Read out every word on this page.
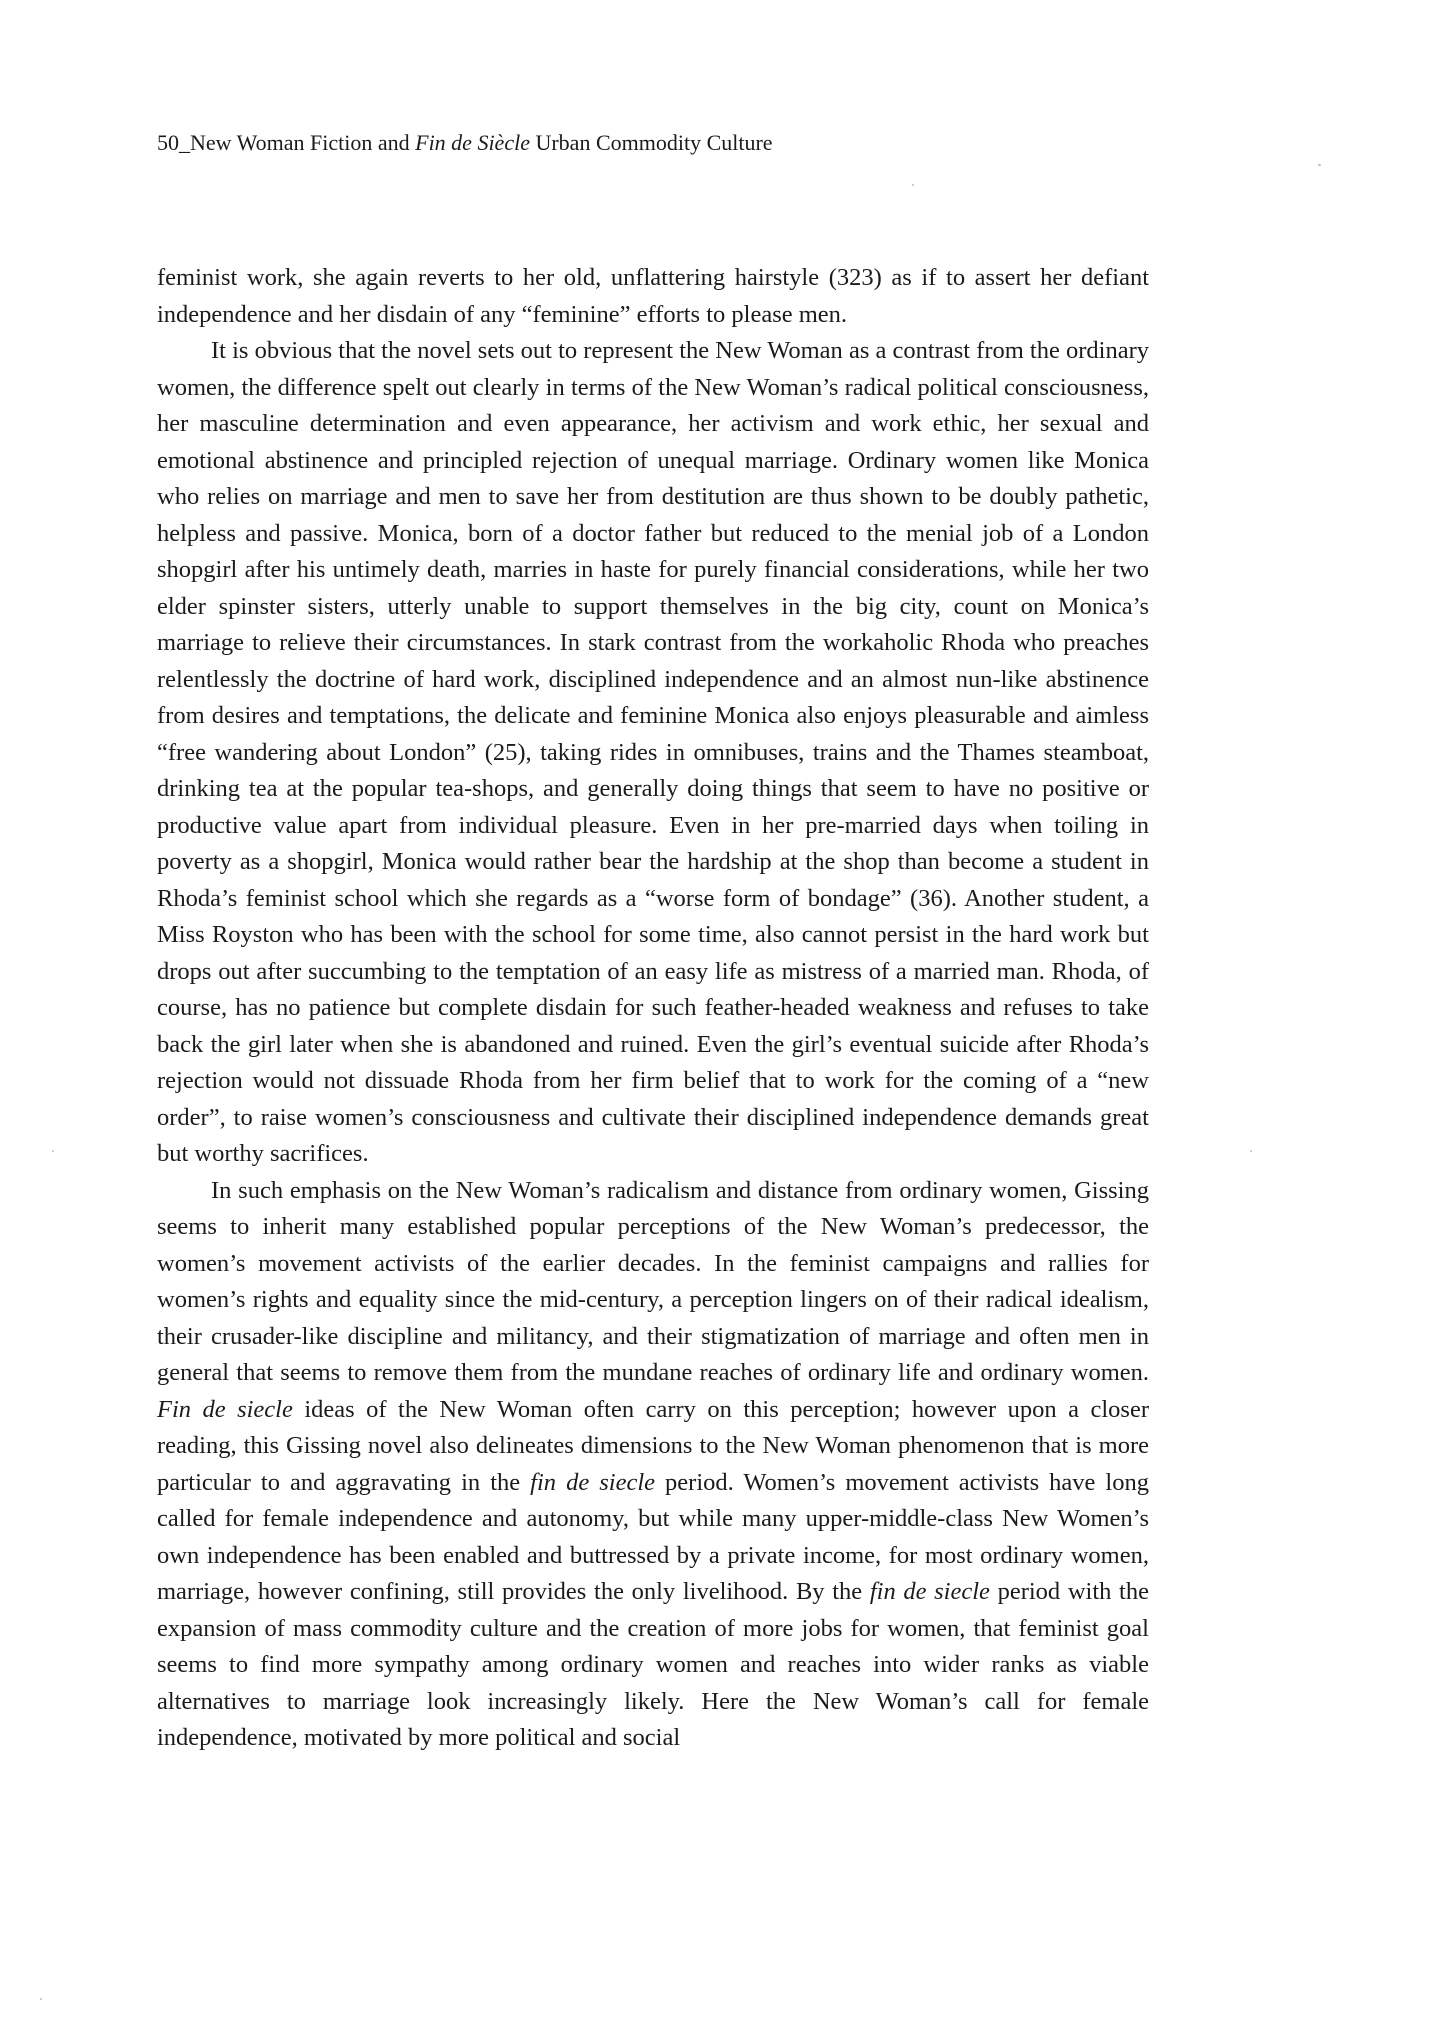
50_New Woman Fiction and Fin de Siècle Urban Commodity Culture

feminist work, she again reverts to her old, unflattering hairstyle (323) as if to assert her defiant independence and her disdain of any “feminine” efforts to please men.

It is obvious that the novel sets out to represent the New Woman as a contrast from the ordinary women, the difference spelt out clearly in terms of the New Woman’s radical political consciousness, her masculine determination and even appearance, her activism and work ethic, her sexual and emotional abstinence and principled rejection of unequal marriage. Ordinary women like Monica who relies on marriage and men to save her from destitution are thus shown to be doubly pathetic, helpless and passive. Monica, born of a doctor father but reduced to the menial job of a London shopgirl after his untimely death, marries in haste for purely financial considerations, while her two elder spinster sisters, utterly unable to support themselves in the big city, count on Monica’s marriage to relieve their circumstances. In stark contrast from the workaholic Rhoda who preaches relentlessly the doctrine of hard work, disciplined independence and an almost nun-like abstinence from desires and temptations, the delicate and feminine Monica also enjoys pleasurable and aimless “free wandering about London” (25), taking rides in omnibuses, trains and the Thames steamboat, drinking tea at the popular tea-shops, and generally doing things that seem to have no positive or productive value apart from individual pleasure. Even in her pre-married days when toiling in poverty as a shopgirl, Monica would rather bear the hardship at the shop than become a student in Rhoda’s feminist school which she regards as a “worse form of bondage” (36). Another student, a Miss Royston who has been with the school for some time, also cannot persist in the hard work but drops out after succumbing to the temptation of an easy life as mistress of a married man. Rhoda, of course, has no patience but complete disdain for such feather-headed weakness and refuses to take back the girl later when she is abandoned and ruined. Even the girl’s eventual suicide after Rhoda’s rejection would not dissuade Rhoda from her firm belief that to work for the coming of a “new order”, to raise women’s consciousness and cultivate their disciplined independence demands great but worthy sacrifices.

In such emphasis on the New Woman’s radicalism and distance from ordinary women, Gissing seems to inherit many established popular perceptions of the New Woman’s predecessor, the women’s movement activists of the earlier decades. In the feminist campaigns and rallies for women’s rights and equality since the mid-century, a perception lingers on of their radical idealism, their crusader-like discipline and militancy, and their stigmatization of marriage and often men in general that seems to remove them from the mundane reaches of ordinary life and ordinary women. Fin de siecle ideas of the New Woman often carry on this perception; however upon a closer reading, this Gissing novel also delineates dimensions to the New Woman phenomenon that is more particular to and aggravating in the fin de siecle period. Women’s movement activists have long called for female independence and autonomy, but while many upper-middle-class New Women’s own independence has been enabled and buttressed by a private income, for most ordinary women, marriage, however confining, still provides the only livelihood. By the fin de siecle period with the expansion of mass commodity culture and the creation of more jobs for women, that feminist goal seems to find more sympathy among ordinary women and reaches into wider ranks as viable alternatives to marriage look increasingly likely. Here the New Woman’s call for female independence, motivated by more political and social
